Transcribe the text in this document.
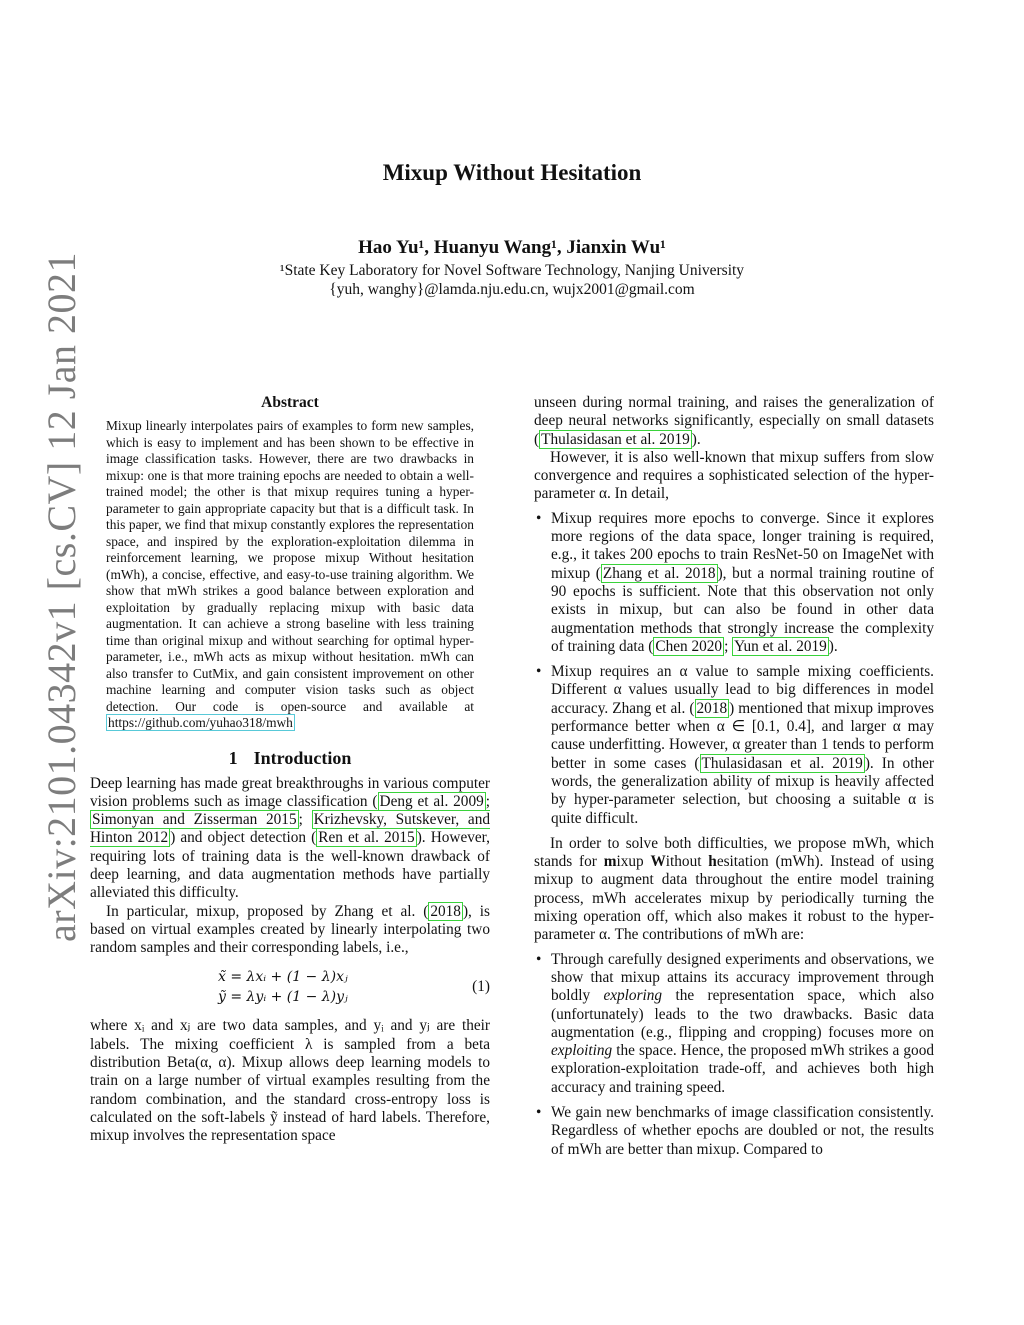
arXiv:2101.04342v1 [cs.CV] 12 Jan 2021
Mixup Without Hesitation
Hao Yu¹, Huanyu Wang¹, Jianxin Wu¹
¹State Key Laboratory for Novel Software Technology, Nanjing University
{yuh, wanghy}@lamda.nju.edu.cn, wujx2001@gmail.com
Abstract

Mixup linearly interpolates pairs of examples to form new samples, which is easy to implement and has been shown to be effective in image classification tasks. However, there are two drawbacks in mixup: one is that more training epochs are needed to obtain a well-trained model; the other is that mixup requires tuning a hyper-parameter to gain appropriate capacity but that is a difficult task. In this paper, we find that mixup constantly explores the representation space, and inspired by the exploration-exploitation dilemma in reinforcement learning, we propose mixup Without hesitation (mWh), a concise, effective, and easy-to-use training algorithm. We show that mWh strikes a good balance between exploration and exploitation by gradually replacing mixup with basic data augmentation. It can achieve a strong baseline with less training time than original mixup and without searching for optimal hyper-parameter, i.e., mWh acts as mixup without hesitation. mWh can also transfer to CutMix, and gain consistent improvement on other machine learning and computer vision tasks such as object detection. Our code is open-source and available at https://github.com/yuhao318/mwh

1 Introduction

Deep learning has made great breakthroughs in various computer vision problems such as image classification ( Deng et al. 2009 ; Simonyan and Zisserman 2015 ; Krizhevsky, Sutskever, and Hinton 2012 ) and object detection ( Ren et al. 2015 ). However, requiring lots of training data is the well-known drawback of deep learning, and data augmentation methods have partially alleviated this difficulty.

In particular, mixup, proposed by Zhang et al. ( 2018 ), is based on virtual examples created by linearly interpolating two random samples and their corresponding labels, i.e.,

x̃ = λxᵢ + (1 − λ)xⱼ
ỹ = λyᵢ + (1 − λ)yⱼ
(1)

where xᵢ and xⱼ are two data samples, and yᵢ and yⱼ are their labels. The mixing coefficient λ is sampled from a beta distribution Beta(α, α). Mixup allows deep learning models to train on a large number of virtual examples resulting from the random combination, and the standard cross-entropy loss is calculated on the soft-labels ỹ instead of hard labels. Therefore, mixup involves the representation space

unseen during normal training, and raises the generalization of deep neural networks significantly, especially on small datasets ( Thulasidasan et al. 2019 ).

However, it is also well-known that mixup suffers from slow convergence and requires a sophisticated selection of the hyper-parameter α. In detail,

• Mixup requires more epochs to converge. Since it explores more regions of the data space, longer training is required, e.g., it takes 200 epochs to train ResNet-50 on ImageNet with mixup ( Zhang et al. 2018 ), but a normal training routine of 90 epochs is sufficient. Note that this observation not only exists in mixup, but can also be found in other data augmentation methods that strongly increase the complexity of training data ( Chen 2020 ; Yun et al. 2019 ).
• Mixup requires an α value to sample mixing coefficients. Different α values usually lead to big differences in model accuracy. Zhang et al. ( 2018 ) mentioned that mixup improves performance better when α ∈ [0.1, 0.4], and larger α may cause underfitting. However, α greater than 1 tends to perform better in some cases ( Thulasidasan et al. 2019 ). In other words, the generalization ability of mixup is heavily affected by hyper-parameter selection, but choosing a suitable α is quite difficult.

In order to solve both difficulties, we propose mWh, which stands for mixup Without hesitation (mWh). Instead of using mixup to augment data throughout the entire model training process, mWh accelerates mixup by periodically turning the mixing operation off, which also makes it robust to the hyper-parameter α. The contributions of mWh are:

• Through carefully designed experiments and observations, we show that mixup attains its accuracy improvement through boldly exploring the representation space, which also (unfortunately) leads to the two drawbacks. Basic data augmentation (e.g., flipping and cropping) focuses more on exploiting the space. Hence, the proposed mWh strikes a good exploration-exploitation trade-off, and achieves both high accuracy and training speed.
• We gain new benchmarks of image classification consistently. Regardless of whether epochs are doubled or not, the results of mWh are better than mixup. Compared to
